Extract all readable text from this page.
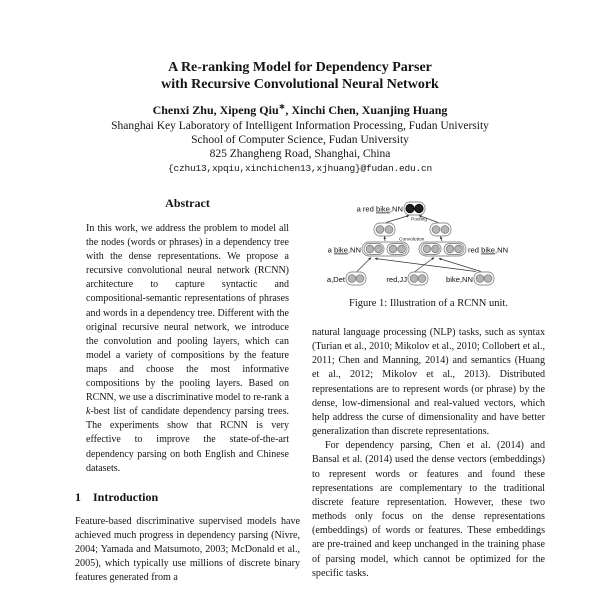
A Re-ranking Model for Dependency Parser
with Recursive Convolutional Neural Network
Chenxi Zhu, Xipeng Qiu∗, Xinchi Chen, Xuanjing Huang
Shanghai Key Laboratory of Intelligent Information Processing, Fudan University
School of Computer Science, Fudan University
825 Zhangheng Road, Shanghai, China
{czhu13,xpqiu,xinchichen13,xjhuang}@fudan.edu.cn
Abstract

In this work, we address the problem to model all the nodes (words or phrases) in a dependency tree with the dense representations. We propose a recursive convolutional neural network (RCNN) architecture to capture syntactic and compositional-semantic representations of phrases and words in a dependency tree. Different with the original recursive neural network, we introduce the convolution and pooling layers, which can model a variety of compositions by the feature maps and choose the most informative compositions by the pooling layers. Based on RCNN, we use a discriminative model to re-rank a k-best list of candidate dependency parsing trees. The experiments show that RCNN is very effective to improve the state-of-the-art dependency parsing on both English and Chinese datasets.

1 Introduction

Feature-based discriminative supervised models have achieved much progress in dependency parsing (Nivre, 2004; Yamada and Matsumoto, 2003; McDonald et al., 2005), which typically use millions of discrete binary features generated from a

a red bike,NN
Pooling
Convolution
a bike,NN	red bike,NN
a,Det	red,JJ	bike,NN
Figure 1: Illustration of a RCNN unit.

natural language processing (NLP) tasks, such as syntax (Turian et al., 2010; Mikolov et al., 2010; Collobert et al., 2011; Chen and Manning, 2014) and semantics (Huang et al., 2012; Mikolov et al., 2013). Distributed representations are to represent words (or phrase) by the dense, low-dimensional and real-valued vectors, which help address the curse of dimensionality and have better generalization than discrete representations.

For dependency parsing, Chen et al. (2014) and Bansal et al. (2014) used the dense vectors (embeddings) to represent words or features and found these representations are complementary to the traditional discrete feature representation. However, these two methods only focus on the dense representations (embeddings) of words or features. These embeddings are pre-trained and keep unchanged in the training phase of parsing model, which cannot be optimized for the specific tasks.
